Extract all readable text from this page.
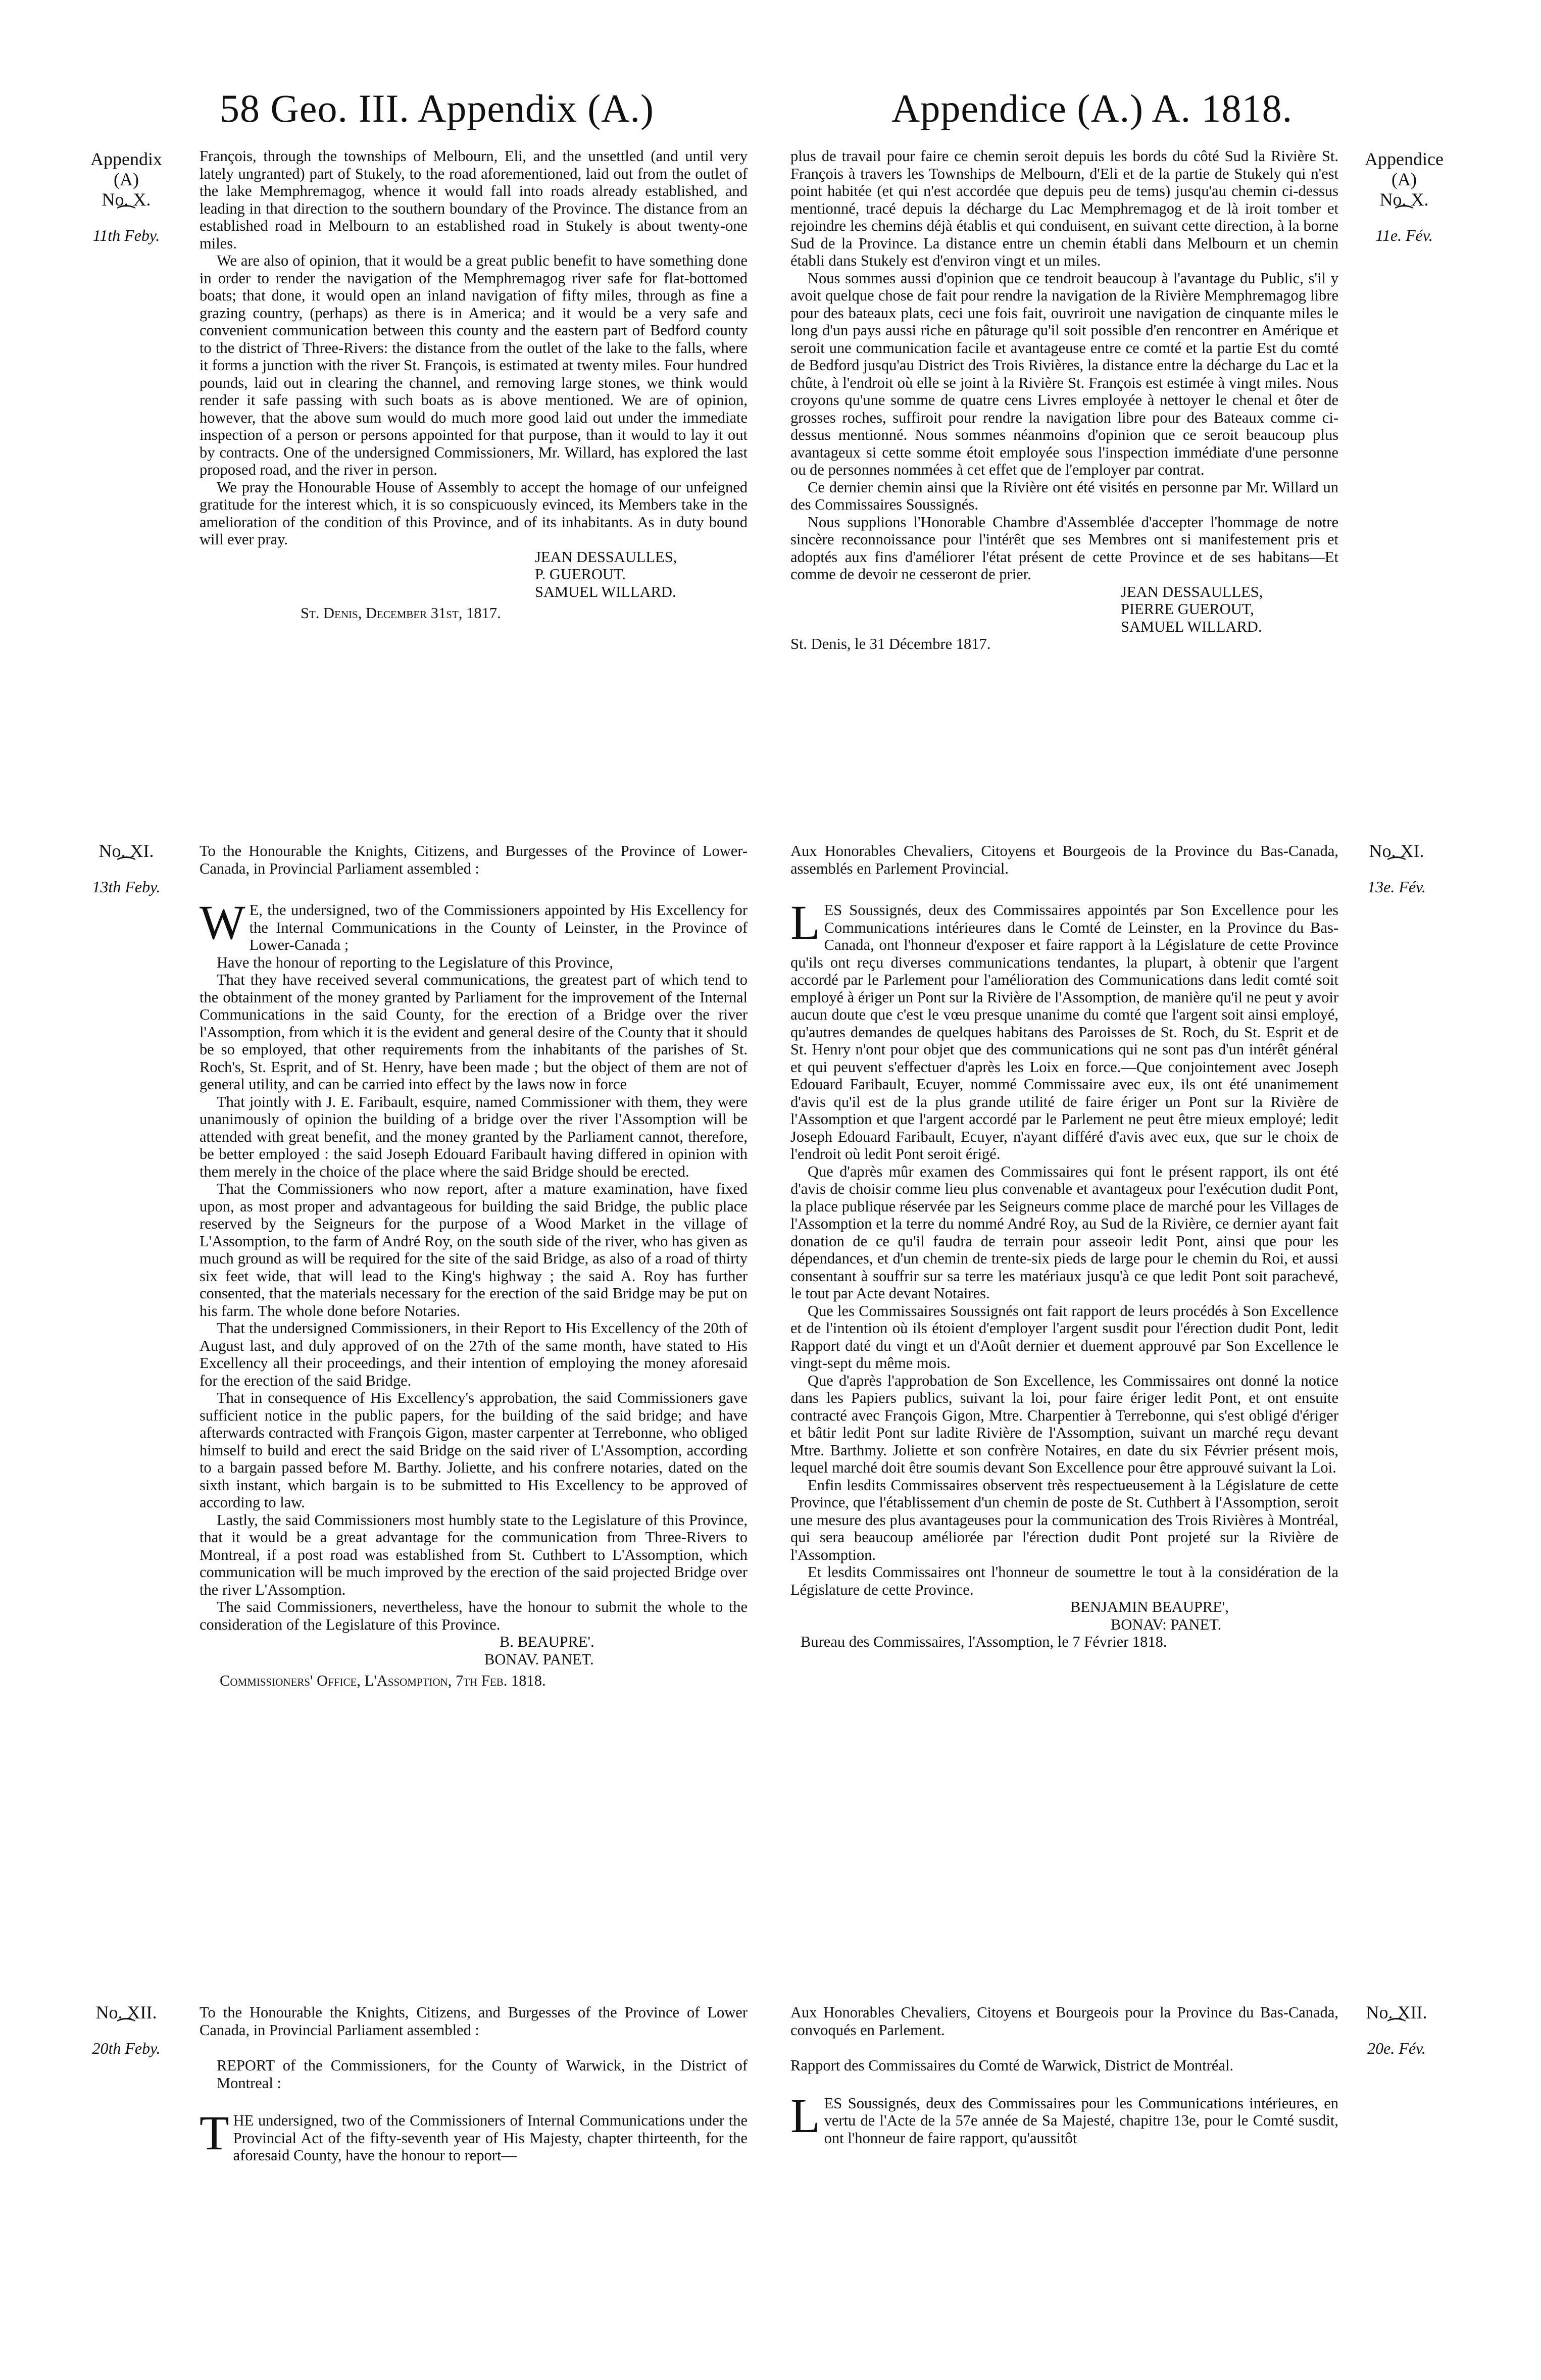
58 Geo. III. Appendix (A.)	Appendice (A.) A. 1818.
Appendix
(A)
No. X.
⁀
11th Feby.
Appendice
(A)
No. X.
⁀
11e. Fév.
No. XI.
⁀
13th Feby.
No. XI.
⁀
13e. Fév.
No. XII.
⁀
20th Feby.
No. XII.
⁀
20e. Fév.

François, through the townships of Melbourn, Eli, and the unsettled (and until very lately ungranted) part of Stukely, to the road aforementioned, laid out from the outlet of the lake Memphremagog, whence it would fall into roads already established, and leading in that direction to the southern boundary of the Province. The distance from an established road in Melbourn to an established road in Stukely is about twenty-one miles.

We are also of opinion, that it would be a great public benefit to have something done in order to render the navigation of the Memphremagog river safe for flat-bottomed boats; that done, it would open an inland navigation of fifty miles, through as fine a grazing country, (perhaps) as there is in America; and it would be a very safe and convenient communication between this county and the eastern part of Bedford county to the district of Three-Rivers: the distance from the outlet of the lake to the falls, where it forms a junction with the river St. François, is estimated at twenty miles. Four hundred pounds, laid out in clearing the channel, and removing large stones, we think would render it safe passing with such boats as is above mentioned. We are of opinion, however, that the above sum would do much more good laid out under the immediate inspection of a person or persons appointed for that purpose, than it would to lay it out by contracts. One of the undersigned Commissioners, Mr. Willard, has explored the last proposed road, and the river in person.

We pray the Honourable House of Assembly to accept the homage of our unfeigned gratitude for the interest which, it is so conspicuously evinced, its Members take in the amelioration of the condition of this Province, and of its inhabitants. As in duty bound will ever pray.

JEAN DESSAULLES,

P. GUEROUT.

SAMUEL WILLARD.

St. Denis, December 31st, 1817.

plus de travail pour faire ce chemin seroit depuis les bords du côté Sud la Rivière St. François à travers les Townships de Melbourn, d'Eli et de la partie de Stukely qui n'est point habitée (et qui n'est accordée que depuis peu de tems) jusqu'au chemin ci-dessus mentionné, tracé depuis la décharge du Lac Memphremagog et de là iroit tomber et rejoindre les chemins déjà établis et qui conduisent, en suivant cette direction, à la borne Sud de la Province. La distance entre un chemin établi dans Melbourn et un chemin établi dans Stukely est d'environ vingt et un miles.

Nous sommes aussi d'opinion que ce tendroit beaucoup à l'avantage du Public, s'il y avoit quelque chose de fait pour rendre la navigation de la Rivière Memphremagog libre pour des bateaux plats, ceci une fois fait, ouvriroit une navigation de cinquante miles le long d'un pays aussi riche en pâturage qu'il soit possible d'en rencontrer en Amérique et seroit une communication facile et avantageuse entre ce comté et la partie Est du comté de Bedford jusqu'au District des Trois Rivières, la distance entre la décharge du Lac et la chûte, à l'endroit où elle se joint à la Rivière St. François est estimée à vingt miles. Nous croyons qu'une somme de quatre cens Livres employée à nettoyer le chenal et ôter de grosses roches, suffiroit pour rendre la navigation libre pour des Bateaux comme ci-dessus mentionné. Nous sommes néanmoins d'opinion que ce seroit beaucoup plus avantageux si cette somme étoit employée sous l'inspection immédiate d'une personne ou de personnes nommées à cet effet que de l'employer par contrat.

Ce dernier chemin ainsi que la Rivière ont été visités en personne par Mr. Willard un des Commissaires Soussignés.

Nous supplions l'Honorable Chambre d'Assemblée d'accepter l'hommage de notre sincère reconnoissance pour l'intérêt que ses Membres ont si manifestement pris et adoptés aux fins d'améliorer l'état présent de cette Province et de ses habitans—Et comme de devoir ne cesseront de prier.

JEAN DESSAULLES,

PIERRE GUEROUT,

SAMUEL WILLARD.

St. Denis, le 31 Décembre 1817.

To the Honourable the Knights, Citizens, and Burgesses of the Province of Lower-Canada, in Provincial Parliament assembled :

W E, the undersigned, two of the Commissioners appointed by His Excellency for the Internal Communications in the County of Leinster, in the Province of Lower-Canada ;

Have the honour of reporting to the Legislature of this Province,

That they have received several communications, the greatest part of which tend to the obtainment of the money granted by Parliament for the improvement of the Internal Communications in the said County, for the erection of a Bridge over the river l'Assomption, from which it is the evident and general desire of the County that it should be so employed, that other requirements from the inhabitants of the parishes of St. Roch's, St. Esprit, and of St. Henry, have been made ; but the object of them are not of general utility, and can be carried into effect by the laws now in force

That jointly with J. E. Faribault, esquire, named Commissioner with them, they were unanimously of opinion the building of a bridge over the river l'Assomption will be attended with great benefit, and the money granted by the Parliament cannot, therefore, be better employed : the said Joseph Edouard Faribault having differed in opinion with them merely in the choice of the place where the said Bridge should be erected.

That the Commissioners who now report, after a mature examination, have fixed upon, as most proper and advantageous for building the said Bridge, the public place reserved by the Seigneurs for the purpose of a Wood Market in the village of L'Assomption, to the farm of André Roy, on the south side of the river, who has given as much ground as will be required for the site of the said Bridge, as also of a road of thirty six feet wide, that will lead to the King's highway ; the said A. Roy has further consented, that the materials necessary for the erection of the said Bridge may be put on his farm. The whole done before Notaries.

That the undersigned Commissioners, in their Report to His Excellency of the 20th of August last, and duly approved of on the 27th of the same month, have stated to His Excellency all their proceedings, and their intention of employing the money aforesaid for the erection of the said Bridge.

That in consequence of His Excellency's approbation, the said Commissioners gave sufficient notice in the public papers, for the building of the said bridge; and have afterwards contracted with François Gigon, master carpenter at Terrebonne, who obliged himself to build and erect the said Bridge on the said river of L'Assomption, according to a bargain passed before M. Barthy. Joliette, and his confrere notaries, dated on the sixth instant, which bargain is to be submitted to His Excellency to be approved of according to law.

Lastly, the said Commissioners most humbly state to the Legislature of this Province, that it would be a great advantage for the communication from Three-Rivers to Montreal, if a post road was established from St. Cuthbert to L'Assomption, which communication will be much improved by the erection of the said projected Bridge over the river L'Assomption.

The said Commissioners, nevertheless, have the honour to submit the whole to the consideration of the Legislature of this Province.

B. BEAUPRE'.

BONAV. PANET.

Commissioners' Office, L'Assomption, 7th Feb. 1818.

Aux Honorables Chevaliers, Citoyens et Bourgeois de la Province du Bas-Canada, assemblés en Parlement Provincial.

LES Soussignés, deux des Commissaires appointés par Son Excellence pour les Communications intérieures dans le Comté de Leinster, en la Province du Bas-Canada, ont l'honneur d'exposer et faire rapport à la Législature de cette Province qu'ils ont reçu diverses communications tendantes, la plupart, à obtenir que l'argent accordé par le Parlement pour l'amélioration des Communications dans ledit comté soit employé à ériger un Pont sur la Rivière de l'Assomption, de manière qu'il ne peut y avoir aucun doute que c'est le vœu presque unanime du comté que l'argent soit ainsi employé, qu'autres demandes de quelques habitans des Paroisses de St. Roch, du St. Esprit et de St. Henry n'ont pour objet que des communications qui ne sont pas d'un intérêt général et qui peuvent s'effectuer d'après les Loix en force.—Que conjointement avec Joseph Edouard Faribault, Ecuyer, nommé Commissaire avec eux, ils ont été unanimement d'avis qu'il est de la plus grande utilité de faire ériger un Pont sur la Rivière de l'Assomption et que l'argent accordé par le Parlement ne peut être mieux employé; ledit Joseph Edouard Faribault, Ecuyer, n'ayant différé d'avis avec eux, que sur le choix de l'endroit où ledit Pont seroit érigé.

Que d'après mûr examen des Commissaires qui font le présent rapport, ils ont été d'avis de choisir comme lieu plus convenable et avantageux pour l'exécution dudit Pont, la place publique réservée par les Seigneurs comme place de marché pour les Villages de l'Assomption et la terre du nommé André Roy, au Sud de la Rivière, ce dernier ayant fait donation de ce qu'il faudra de terrain pour asseoir ledit Pont, ainsi que pour les dépendances, et d'un chemin de trente-six pieds de large pour le chemin du Roi, et aussi consentant à souffrir sur sa terre les matériaux jusqu'à ce que ledit Pont soit parachevé, le tout par Acte devant Notaires.

Que les Commissaires Soussignés ont fait rapport de leurs procédés à Son Excellence et de l'intention où ils étoient d'employer l'argent susdit pour l'érection dudit Pont, ledit Rapport daté du vingt et un d'Août dernier et duement approuvé par Son Excellence le vingt-sept du même mois.

Que d'après l'approbation de Son Excellence, les Commissaires ont donné la notice dans les Papiers publics, suivant la loi, pour faire ériger ledit Pont, et ont ensuite contracté avec François Gigon, Mtre. Charpentier à Terrebonne, qui s'est obligé d'ériger et bâtir ledit Pont sur ladite Rivière de l'Assomption, suivant un marché reçu devant Mtre. Barthmy. Joliette et son confrère Notaires, en date du six Février présent mois, lequel marché doit être soumis devant Son Excellence pour être approuvé suivant la Loi.

Enfin lesdits Commissaires observent très respectueusement à la Législature de cette Province, que l'établissement d'un chemin de poste de St. Cuthbert à l'Assomption, seroit une mesure des plus avantageuses pour la communication des Trois Rivières à Montréal, qui sera beaucoup améliorée par l'érection dudit Pont projeté sur la Rivière de l'Assomption.

Et lesdits Commissaires ont l'honneur de soumettre le tout à la considération de la Législature de cette Province.

BENJAMIN BEAUPRE',

BONAV: PANET.

Bureau des Commissaires, l'Assomption, le 7 Février 1818.

To the Honourable the Knights, Citizens, and Burgesses of the Province of Lower Canada, in Provincial Parliament assembled :

REPORT of the Commissioners, for the County of Warwick, in the District of Montreal :

THE undersigned, two of the Commissioners of Internal Communications under the Provincial Act of the fifty-seventh year of His Majesty, chapter thirteenth, for the aforesaid County, have the honour to report—

Aux Honorables Chevaliers, Citoyens et Bourgeois pour la Province du Bas-Canada, convoqués en Parlement.

Rapport des Commissaires du Comté de Warwick, District de Montréal.

LES Soussignés, deux des Commissaires pour les Communications intérieures, en vertu de l'Acte de la 57e année de Sa Majesté, chapitre 13e, pour le Comté susdit, ont l'honneur de faire rapport, qu'aussitôt
